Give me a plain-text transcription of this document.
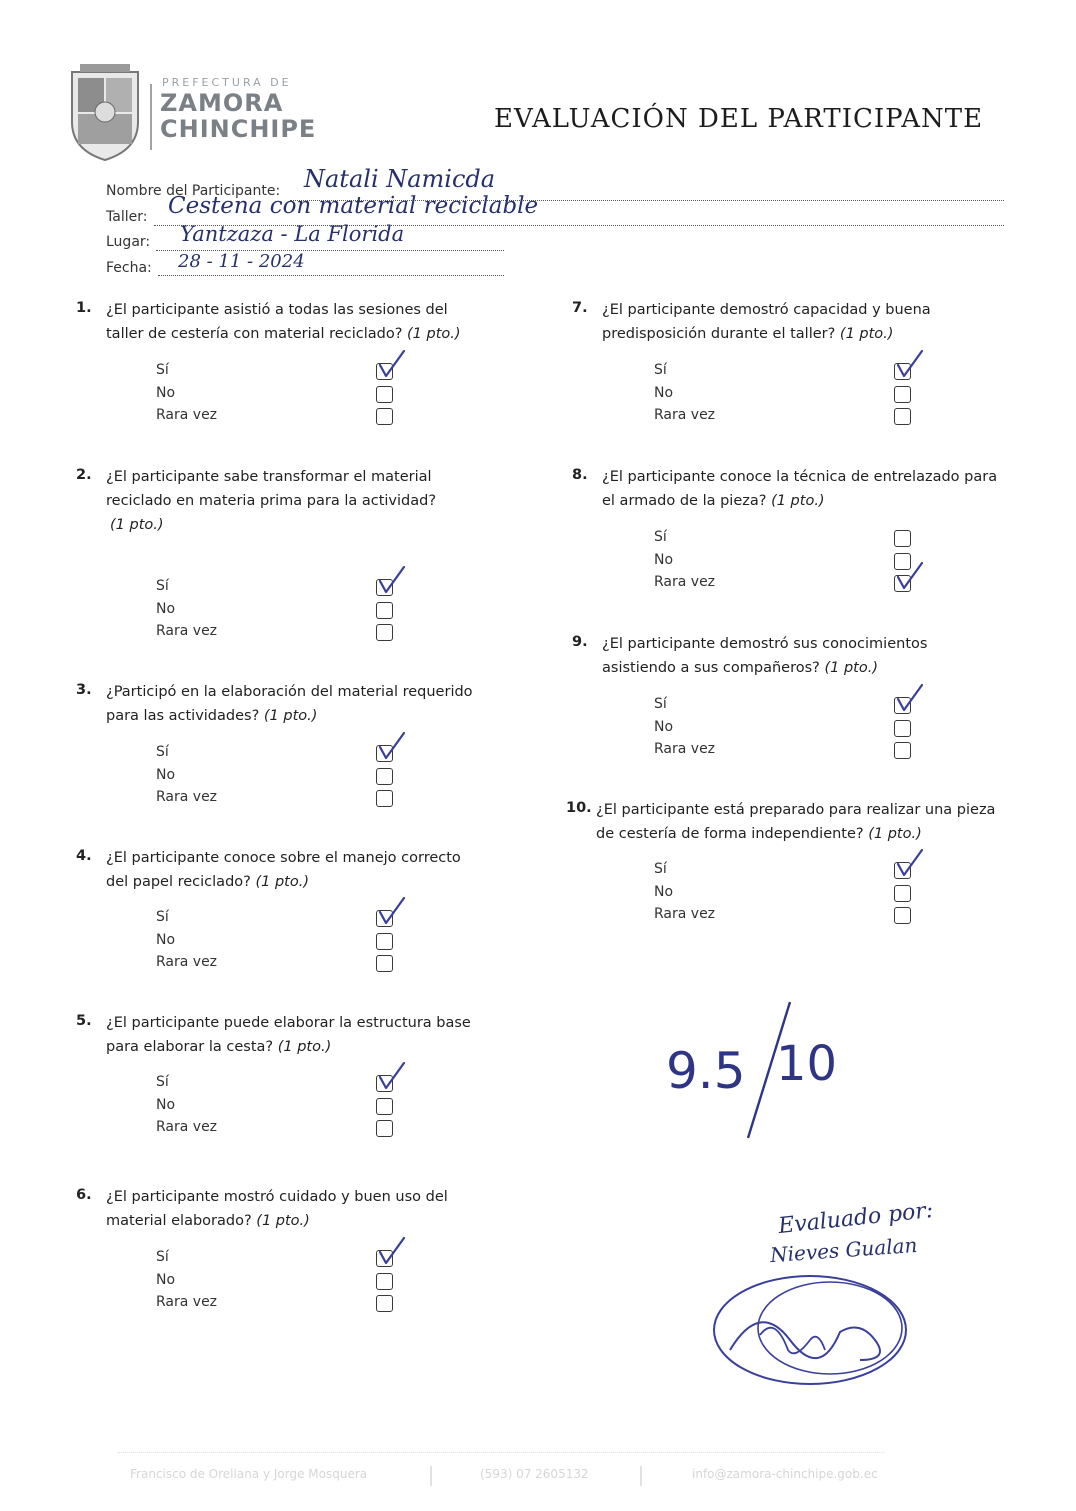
PREFECTURA DE
ZAMORA
CHINCHIPE	EVALUACIÓN DEL PARTICIPANTE
Nombre del Participante: Natali Namicda
Taller: Cestena con material reciclable
Lugar: Yantzaza - La Florida
Fecha: 28 - 11 - 2024
1. ¿El participante asistió a todas las sesiones del
taller de cestería con material reciclado? (1 pto.)
Sí
No
Rara vez
2. ¿El participante sabe transformar el material
reciclado en materia prima para la actividad?
(1 pto.)
Sí
No
Rara vez
3. ¿Participó en la elaboración del material requerido
para las actividades? (1 pto.)
Sí
No
Rara vez
4. ¿El participante conoce sobre el manejo correcto
del papel reciclado? (1 pto.)
Sí
No
Rara vez
5. ¿El participante puede elaborar la estructura base
para elaborar la cesta? (1 pto.)
Sí
No
Rara vez
6. ¿El participante mostró cuidado y buen uso del
material elaborado? (1 pto.)
Sí
No
Rara vez
7. ¿El participante demostró capacidad y buena
predisposición durante el taller? (1 pto.)
Sí
No
Rara vez
8. ¿El participante conoce la técnica de entrelazado para
el armado de la pieza? (1 pto.)
Sí
No
Rara vez
9. ¿El participante demostró sus conocimientos
asistiendo a sus compañeros? (1 pto.)
Sí
No
Rara vez
10. ¿El participante está preparado para realizar una pieza
de cestería de forma independiente? (1 pto.)
Sí
No
Rara vez
9.5 10
Evaluado por:
Nieves Gualan
Francisco de Orellana y Jorge Mosquera	(593) 07 2605132	info@zamora-chinchipe.gob.ec
